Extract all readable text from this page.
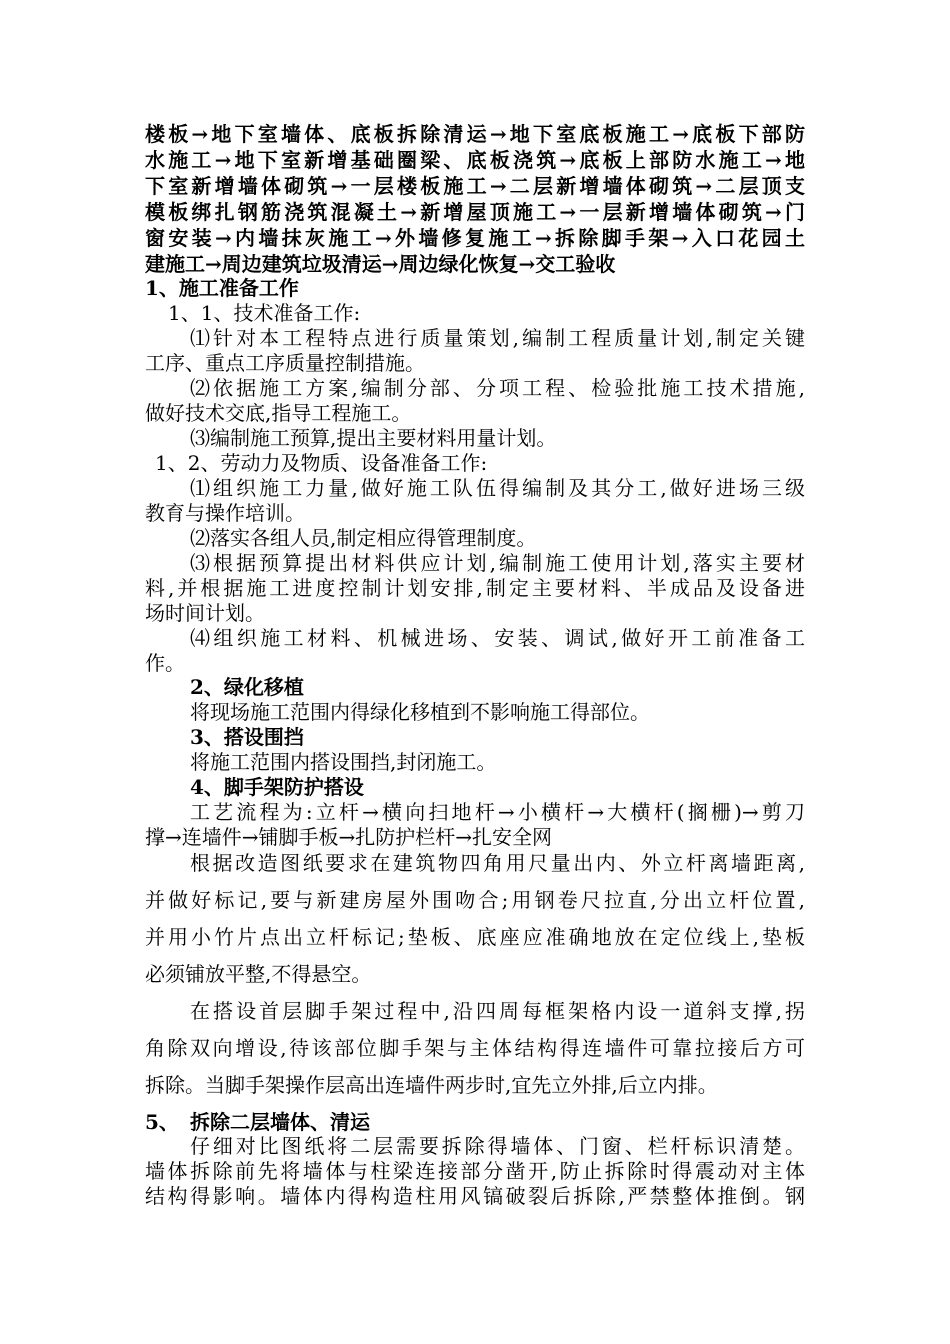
楼板→地下室墙体、底板拆除清运→地下室底板施工→底板下部防
水施工→地下室新增基础圈梁、底板浇筑→底板上部防水施工→地
下室新增墙体砌筑→一层楼板施工→二层新增墙体砌筑→二层顶支
模板绑扎钢筋浇筑混凝土→新增屋顶施工→一层新增墙体砌筑→门
窗安装→内墙抹灰施工→外墙修复施工→拆除脚手架→入口花园土
建施工→周边建筑垃圾清运→周边绿化恢复→交工验收
1、施工准备工作
1、1、技术准备工作:
⑴针对本工程特点进行质量策划,编制工程质量计划,制定关键
工序、重点工序质量控制措施。
⑵依据施工方案,编制分部、分项工程、检验批施工技术措施,
做好技术交底,指导工程施工。
⑶编制施工预算,提出主要材料用量计划。
1、2、劳动力及物质、设备准备工作:
⑴组织施工力量,做好施工队伍得编制及其分工,做好进场三级
教育与操作培训。
⑵落实各组人员,制定相应得管理制度。
⑶根据预算提出材料供应计划,编制施工使用计划,落实主要材
料,并根据施工进度控制计划安排,制定主要材料、半成品及设备进
场时间计划。
⑷组织施工材料、机械进场、安装、调试,做好开工前准备工
作。
2、绿化移植
将现场施工范围内得绿化移植到不影响施工得部位。
3、搭设围挡
将施工范围内搭设围挡,封闭施工。
4、脚手架防护搭设
工艺流程为:立杆→横向扫地杆→小横杆→大横杆(搁栅)→剪刀
撑→连墙件→铺脚手板→扎防护栏杆→扎安全网
根据改造图纸要求在建筑物四角用尺量出内、外立杆离墙距离,
并做好标记,要与新建房屋外围吻合;用钢卷尺拉直,分出立杆位置,
并用小竹片点出立杆标记;垫板、底座应准确地放在定位线上,垫板
必须铺放平整,不得悬空。
在搭设首层脚手架过程中,沿四周每框架格内设一道斜支撑,拐
角除双向增设,待该部位脚手架与主体结构得连墙件可靠拉接后方可
拆除。当脚手架操作层高出连墙件两步时,宜先立外排,后立内排。
5、 拆除二层墙体、清运
仔细对比图纸将二层需要拆除得墙体、门窗、栏杆标识清楚。
墙体拆除前先将墙体与柱梁连接部分凿开,防止拆除时得震动对主体
结构得影响。墙体内得构造柱用风镐破裂后拆除,严禁整体推倒。钢
